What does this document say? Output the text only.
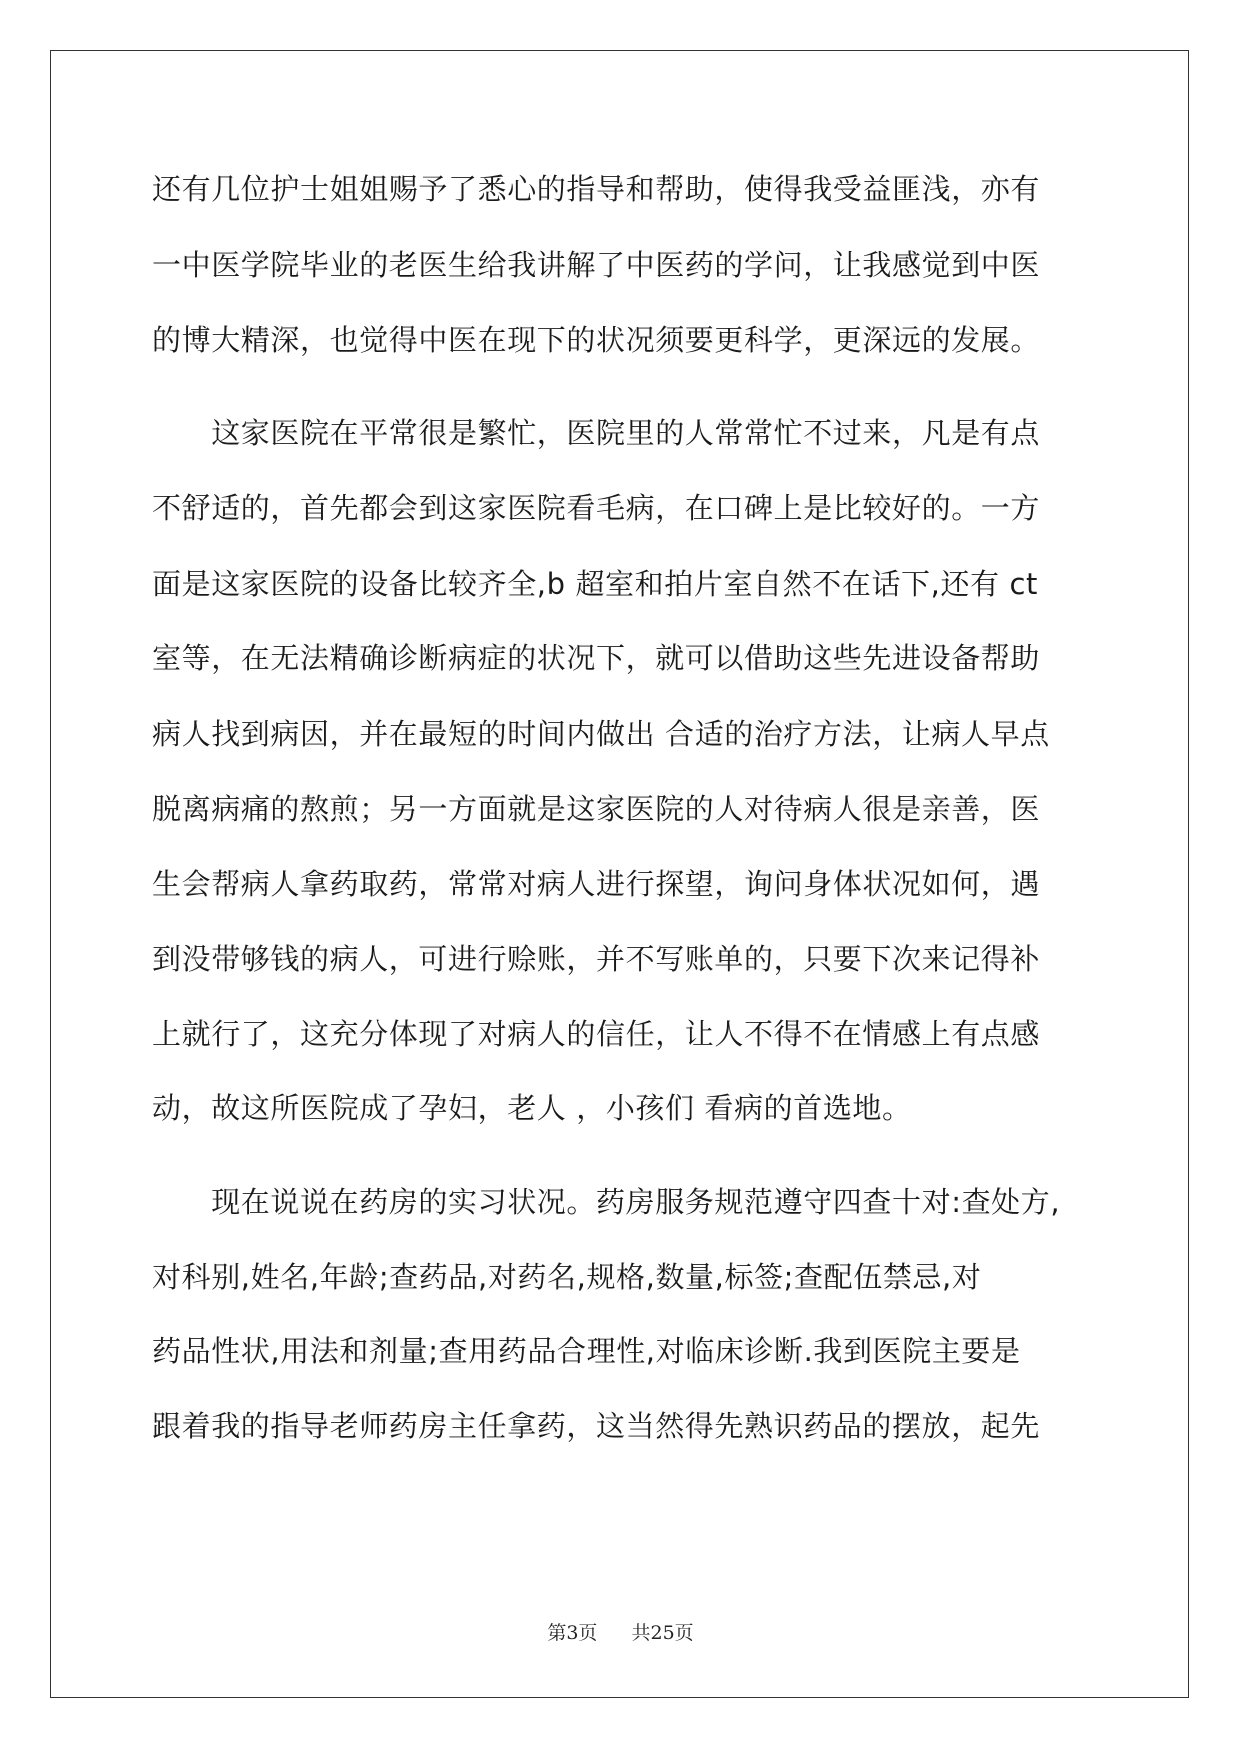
还有几位护士姐姐赐予了悉心的指导和帮助，使得我受益匪浅，亦有
一中医学院毕业的老医生给我讲解了中医药的学问，让我感觉到中医
的博大精深，也觉得中医在现下的状况须要更科学，更深远的发展。
　　这家医院在平常很是繁忙，医院里的人常常忙不过来，凡是有点
不舒适的，首先都会到这家医院看毛病，在口碑上是比较好的。一方
面是这家医院的设备比较齐全,b 超室和拍片室自然不在话下,还有 ct
室等，在无法精确诊断病症的状况下，就可以借助这些先进设备帮助
病人找到病因，并在最短的时间内做出 合适的治疗方法，让病人早点
脱离病痛的熬煎；另一方面就是这家医院的人对待病人很是亲善，医
生会帮病人拿药取药，常常对病人进行探望，询问身体状况如何，遇
到没带够钱的病人，可进行赊账，并不写账单的，只要下次来记得补
上就行了，这充分体现了对病人的信任，让人不得不在情感上有点感
动，故这所医院成了孕妇，老人 ，小孩们 看病的首选地。
　　现在说说在药房的实习状况。药房服务规范遵守四查十对:查处方,
对科别,姓名,年龄;查药品,对药名,规格,数量,标签;查配伍禁忌,对
药品性状,用法和剂量;查用药品合理性,对临床诊断.我到医院主要是
跟着我的指导老师药房主任拿药，这当然得先熟识药品的摆放，起先
第3页 共25页
